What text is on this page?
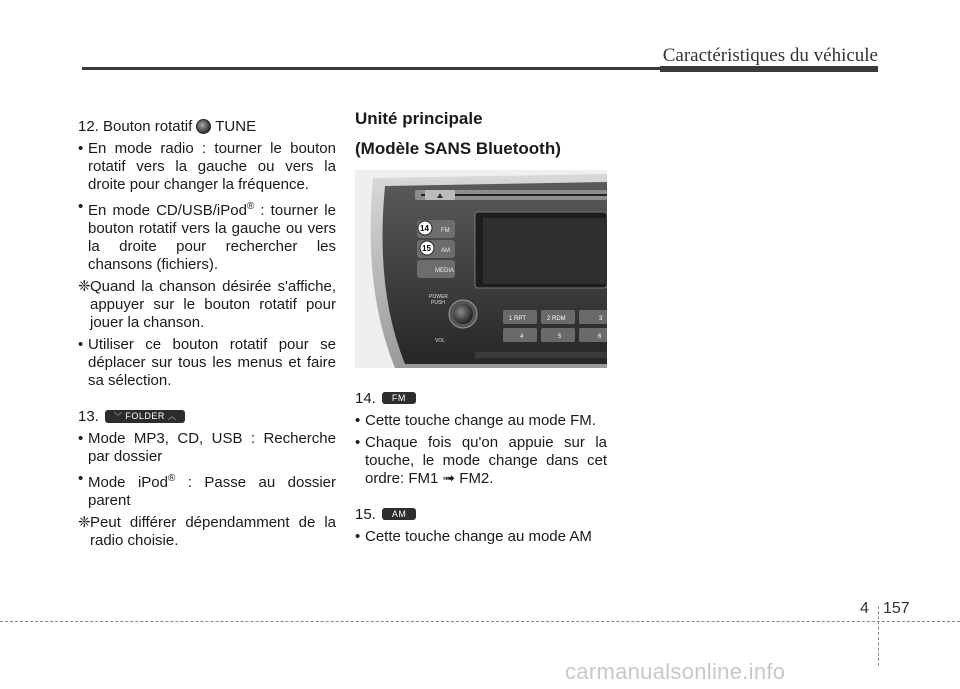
Caractéristiques du véhicule
12. Bouton rotatif TUNE
• En mode radio : tourner le bouton rotatif vers la gauche ou vers la droite pour changer la fréquence.
• En mode CD/USB/iPod® : tourner le bouton rotatif vers la gauche ou vers la droite pour rechercher les chansons (fichiers).
❈ Quand la chanson désirée s'affiche, appuyer sur le bouton rotatif pour jouer la chanson.
• Utiliser ce bouton rotatif pour se déplacer sur tous les menus et faire sa sélection.
13. ﹀ FOLDER ︿
• Mode MP3, CD, USB : Recherche par dossier
• Mode iPod® : Passe au dossier parent
❈ Peut différer dépendamment de la radio choisie.
Unité principale
(Modèle SANS Bluetooth)
FM
AM
MEDIA
14
15
POWER
PUSH
VOL
1 RPT	2 RDM	3
4	5	6
14. FM
• Cette touche change au mode FM.
• Chaque fois qu'on appuie sur la touche, le mode change dans cet ordre: FM1 ➟ FM2.
15. AM
• Cette touche change au mode AM
4 157
carmanualsonline.info
